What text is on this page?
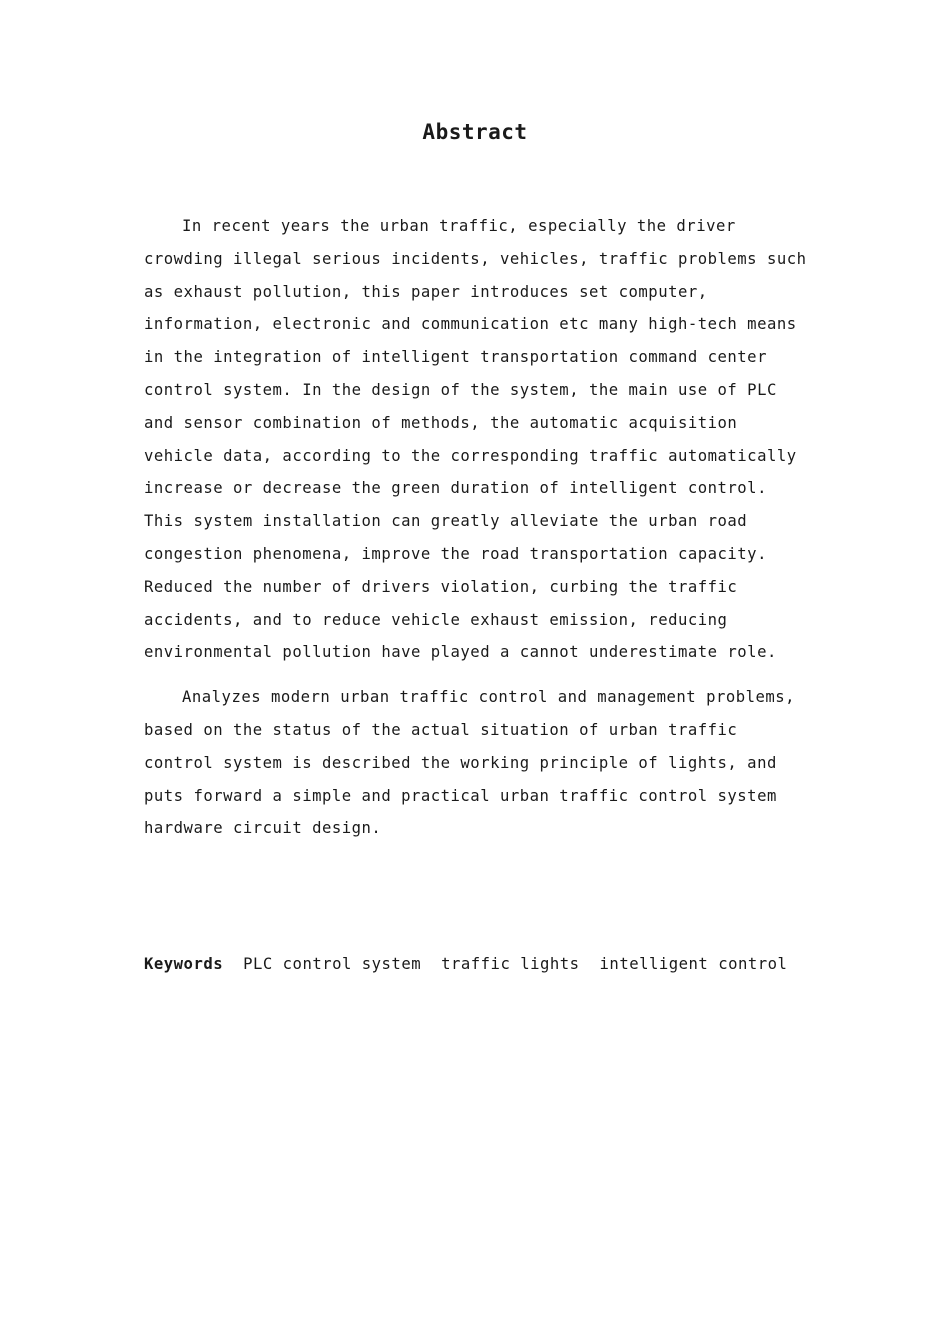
Abstract

In recent years the urban traffic, especially the driver crowding illegal serious incidents, vehicles, traffic problems such as exhaust pollution, this paper introduces set computer, information, electronic and communication etc many high-tech means in the integration of intelligent transportation command center control system. In the design of the system, the main use of PLC and sensor combination of methods, the automatic acquisition vehicle data, according to the corresponding traffic automatically increase or decrease the green duration of intelligent control. This system installation can greatly alleviate the urban road congestion phenomena, improve the road transportation capacity. Reduced the number of drivers violation, curbing the traffic accidents, and to reduce vehicle exhaust emission, reducing environmental pollution have played a cannot underestimate role.

Analyzes modern urban traffic control and management problems, based on the status of the actual situation of urban traffic control system is described the working principle of lights, and puts forward a simple and practical urban traffic control system hardware circuit design.

Keywords PLC control system traffic lights intelligent control
